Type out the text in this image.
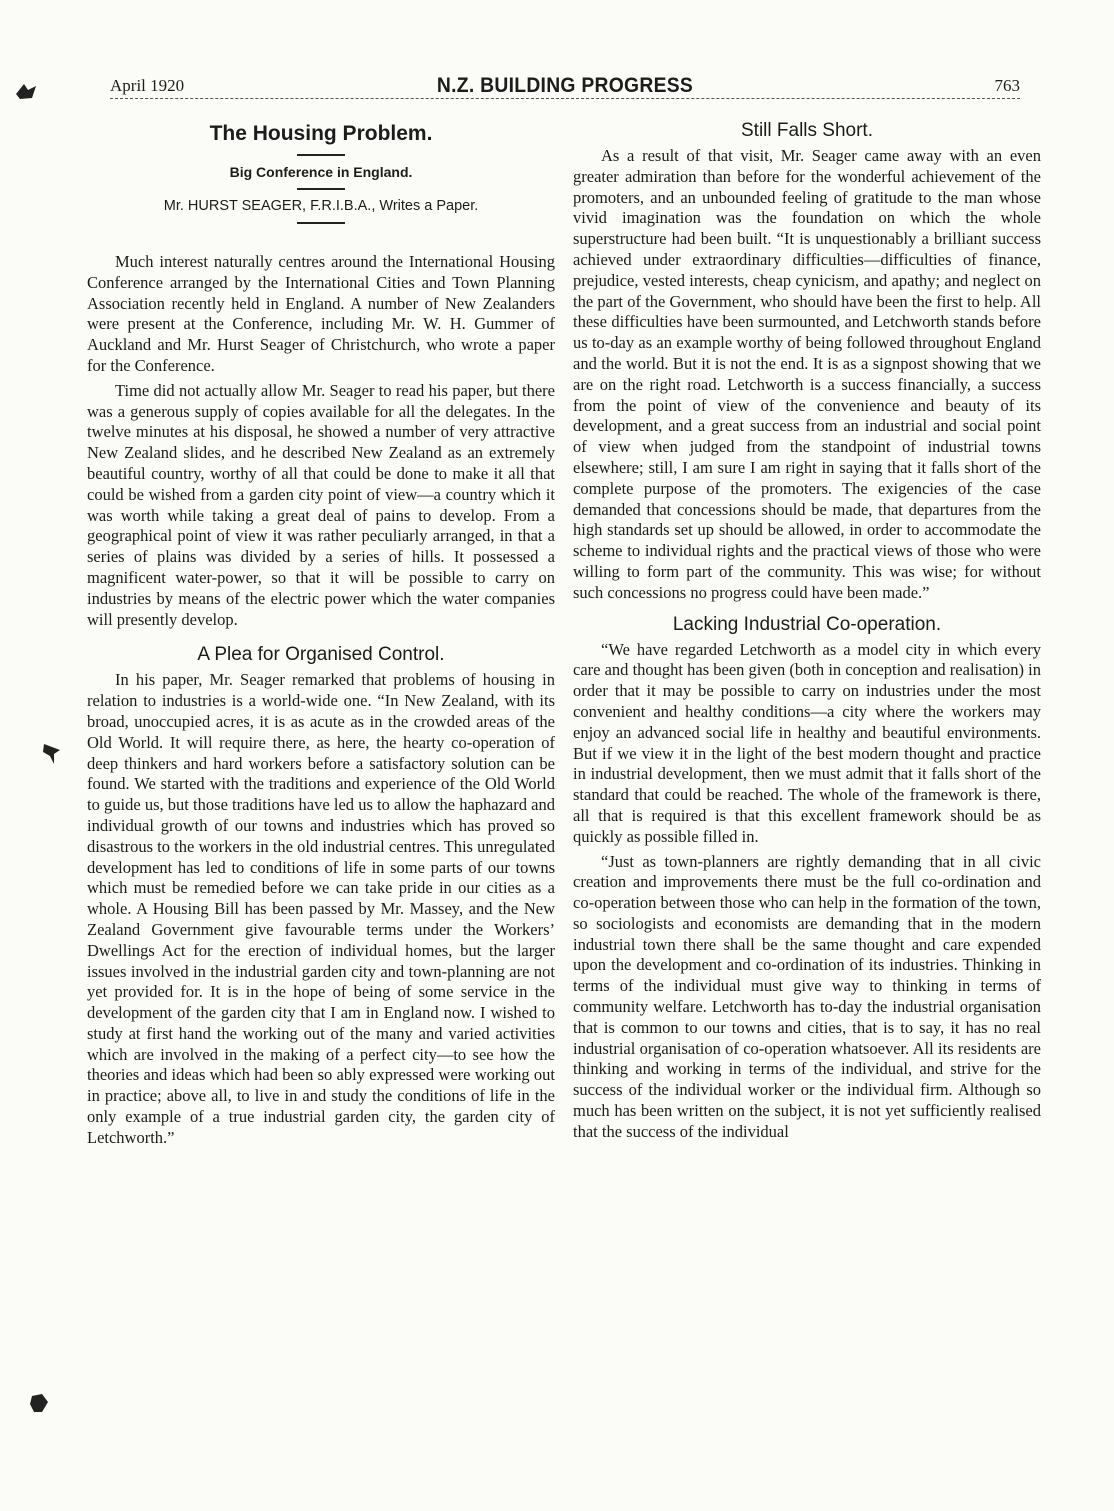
April 1920	N.Z. BUILDING PROGRESS	763
The Housing Problem.
Big Conference in England.
Mr. HURST SEAGER, F.R.I.B.A., Writes a Paper.

Much interest naturally centres around the International Housing Conference arranged by the International Cities and Town Planning Association recently held in England. A number of New Zealanders were present at the Conference, including Mr. W. H. Gummer of Auckland and Mr. Hurst Seager of Christchurch, who wrote a paper for the Conference.

Time did not actually allow Mr. Seager to read his paper, but there was a generous supply of copies available for all the delegates. In the twelve minutes at his disposal, he showed a number of very attractive New Zealand slides, and he described New Zealand as an extremely beautiful country, worthy of all that could be done to make it all that could be wished from a garden city point of view—a country which it was worth while taking a great deal of pains to develop. From a geographical point of view it was rather peculiarly arranged, in that a series of plains was divided by a series of hills. It possessed a magnificent water-power, so that it will be possible to carry on industries by means of the electric power which the water companies will presently develop.

A Plea for Organised Control.

In his paper, Mr. Seager remarked that problems of housing in relation to industries is a world-wide one. “In New Zealand, with its broad, unoccupied acres, it is as acute as in the crowded areas of the Old World. It will require there, as here, the hearty co-operation of deep thinkers and hard workers before a satisfactory solution can be found. We started with the traditions and experience of the Old World to guide us, but those traditions have led us to allow the haphazard and individual growth of our towns and industries which has proved so disastrous to the workers in the old industrial centres. This unregulated development has led to conditions of life in some parts of our towns which must be remedied before we can take pride in our cities as a whole. A Housing Bill has been passed by Mr. Massey, and the New Zealand Government give favourable terms under the Workers’ Dwellings Act for the erection of individual homes, but the larger issues involved in the industrial garden city and town-planning are not yet provided for. It is in the hope of being of some service in the development of the garden city that I am in England now. I wished to study at first hand the working out of the many and varied activities which are involved in the making of a perfect city—to see how the theories and ideas which had been so ably expressed were working out in practice; above all, to live in and study the conditions of life in the only example of a true industrial garden city, the garden city of Letchworth.”

Still Falls Short.

As a result of that visit, Mr. Seager came away with an even greater admiration than before for the wonderful achievement of the promoters, and an unbounded feeling of gratitude to the man whose vivid imagination was the foundation on which the whole superstructure had been built. “It is unquestionably a brilliant success achieved under extraordinary difficulties—difficulties of finance, prejudice, vested interests, cheap cynicism, and apathy; and neglect on the part of the Government, who should have been the first to help. All these difficulties have been surmounted, and Letchworth stands before us to-day as an example worthy of being followed throughout England and the world. But it is not the end. It is as a signpost showing that we are on the right road. Letchworth is a success financially, a success from the point of view of the convenience and beauty of its development, and a great success from an industrial and social point of view when judged from the standpoint of industrial towns elsewhere; still, I am sure I am right in saying that it falls short of the complete purpose of the promoters. The exigencies of the case demanded that concessions should be made, that departures from the high standards set up should be allowed, in order to accommodate the scheme to individual rights and the practical views of those who were willing to form part of the community. This was wise; for without such concessions no progress could have been made.”

Lacking Industrial Co-operation.

“We have regarded Letchworth as a model city in which every care and thought has been given (both in conception and realisation) in order that it may be possible to carry on industries under the most convenient and healthy conditions—a city where the workers may enjoy an advanced social life in healthy and beautiful environments. But if we view it in the light of the best modern thought and practice in industrial development, then we must admit that it falls short of the standard that could be reached. The whole of the framework is there, all that is required is that this excellent framework should be as quickly as possible filled in.

“Just as town-planners are rightly demanding that in all civic creation and improvements there must be the full co-ordination and co-operation between those who can help in the formation of the town, so sociologists and economists are demanding that in the modern industrial town there shall be the same thought and care expended upon the development and co-ordination of its industries. Thinking in terms of the individual must give way to thinking in terms of community welfare. Letchworth has to-day the industrial organisation that is common to our towns and cities, that is to say, it has no real industrial organisation of co-operation whatsoever. All its residents are thinking and working in terms of the individual, and strive for the success of the individual worker or the individual firm. Although so much has been written on the subject, it is not yet sufficiently realised that the success of the individual
